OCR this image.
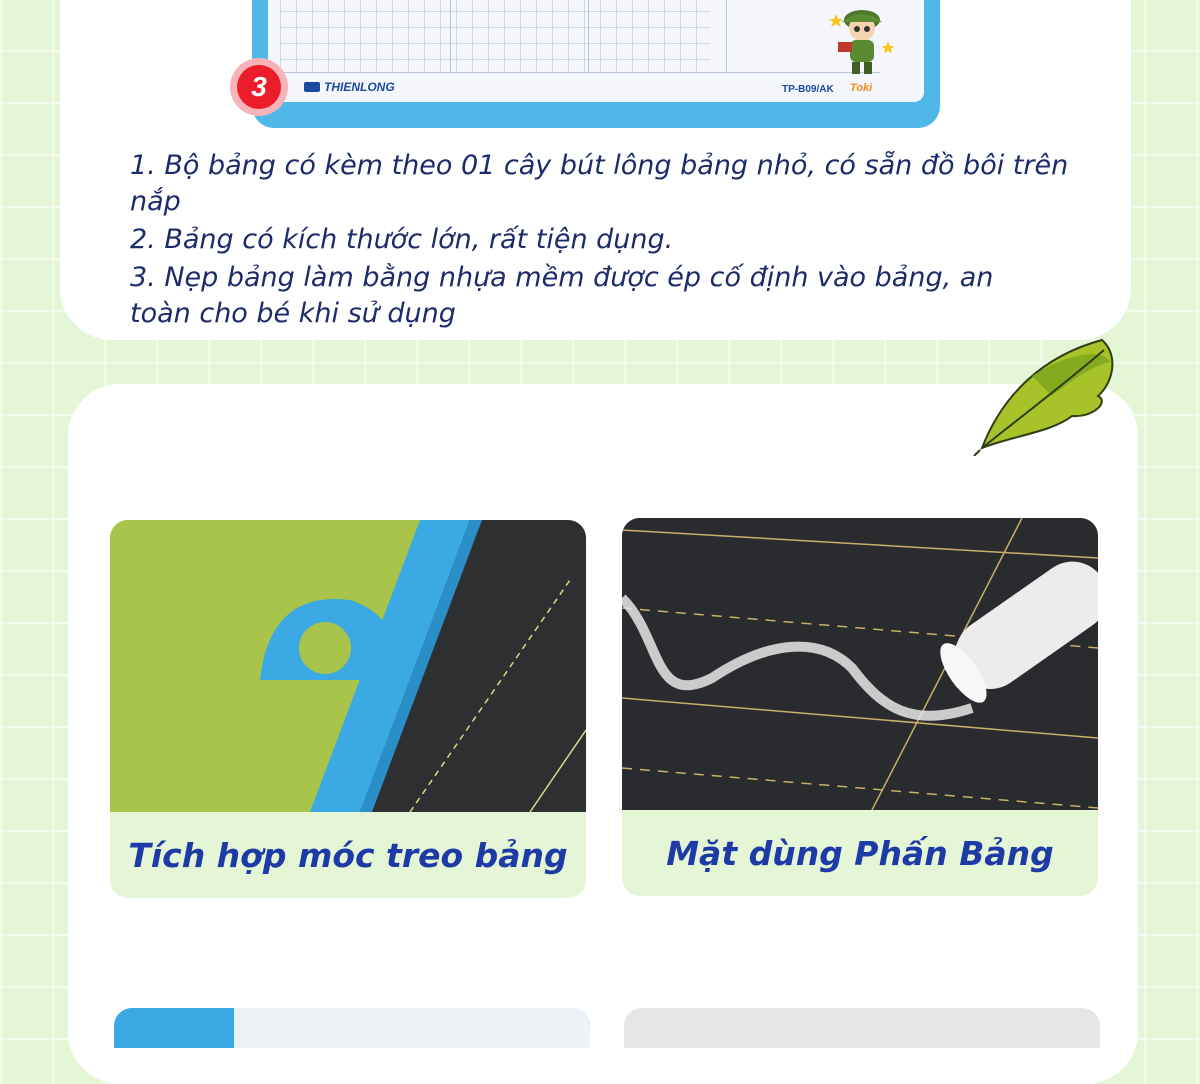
THIENLONG	TP-B09/AK Toki
3
1. Bộ bảng có kèm theo 01 cây bút lông bảng nhỏ, có sẵn đồ bôi trên nắp
2. Bảng có kích thước lớn, rất tiện dụng.
3. Nẹp bảng làm bằng nhựa mềm được ép cố định vào bảng, an toàn cho bé khi sử dụng
Tích hợp móc treo bảng	Mặt dùng Phấn Bảng
